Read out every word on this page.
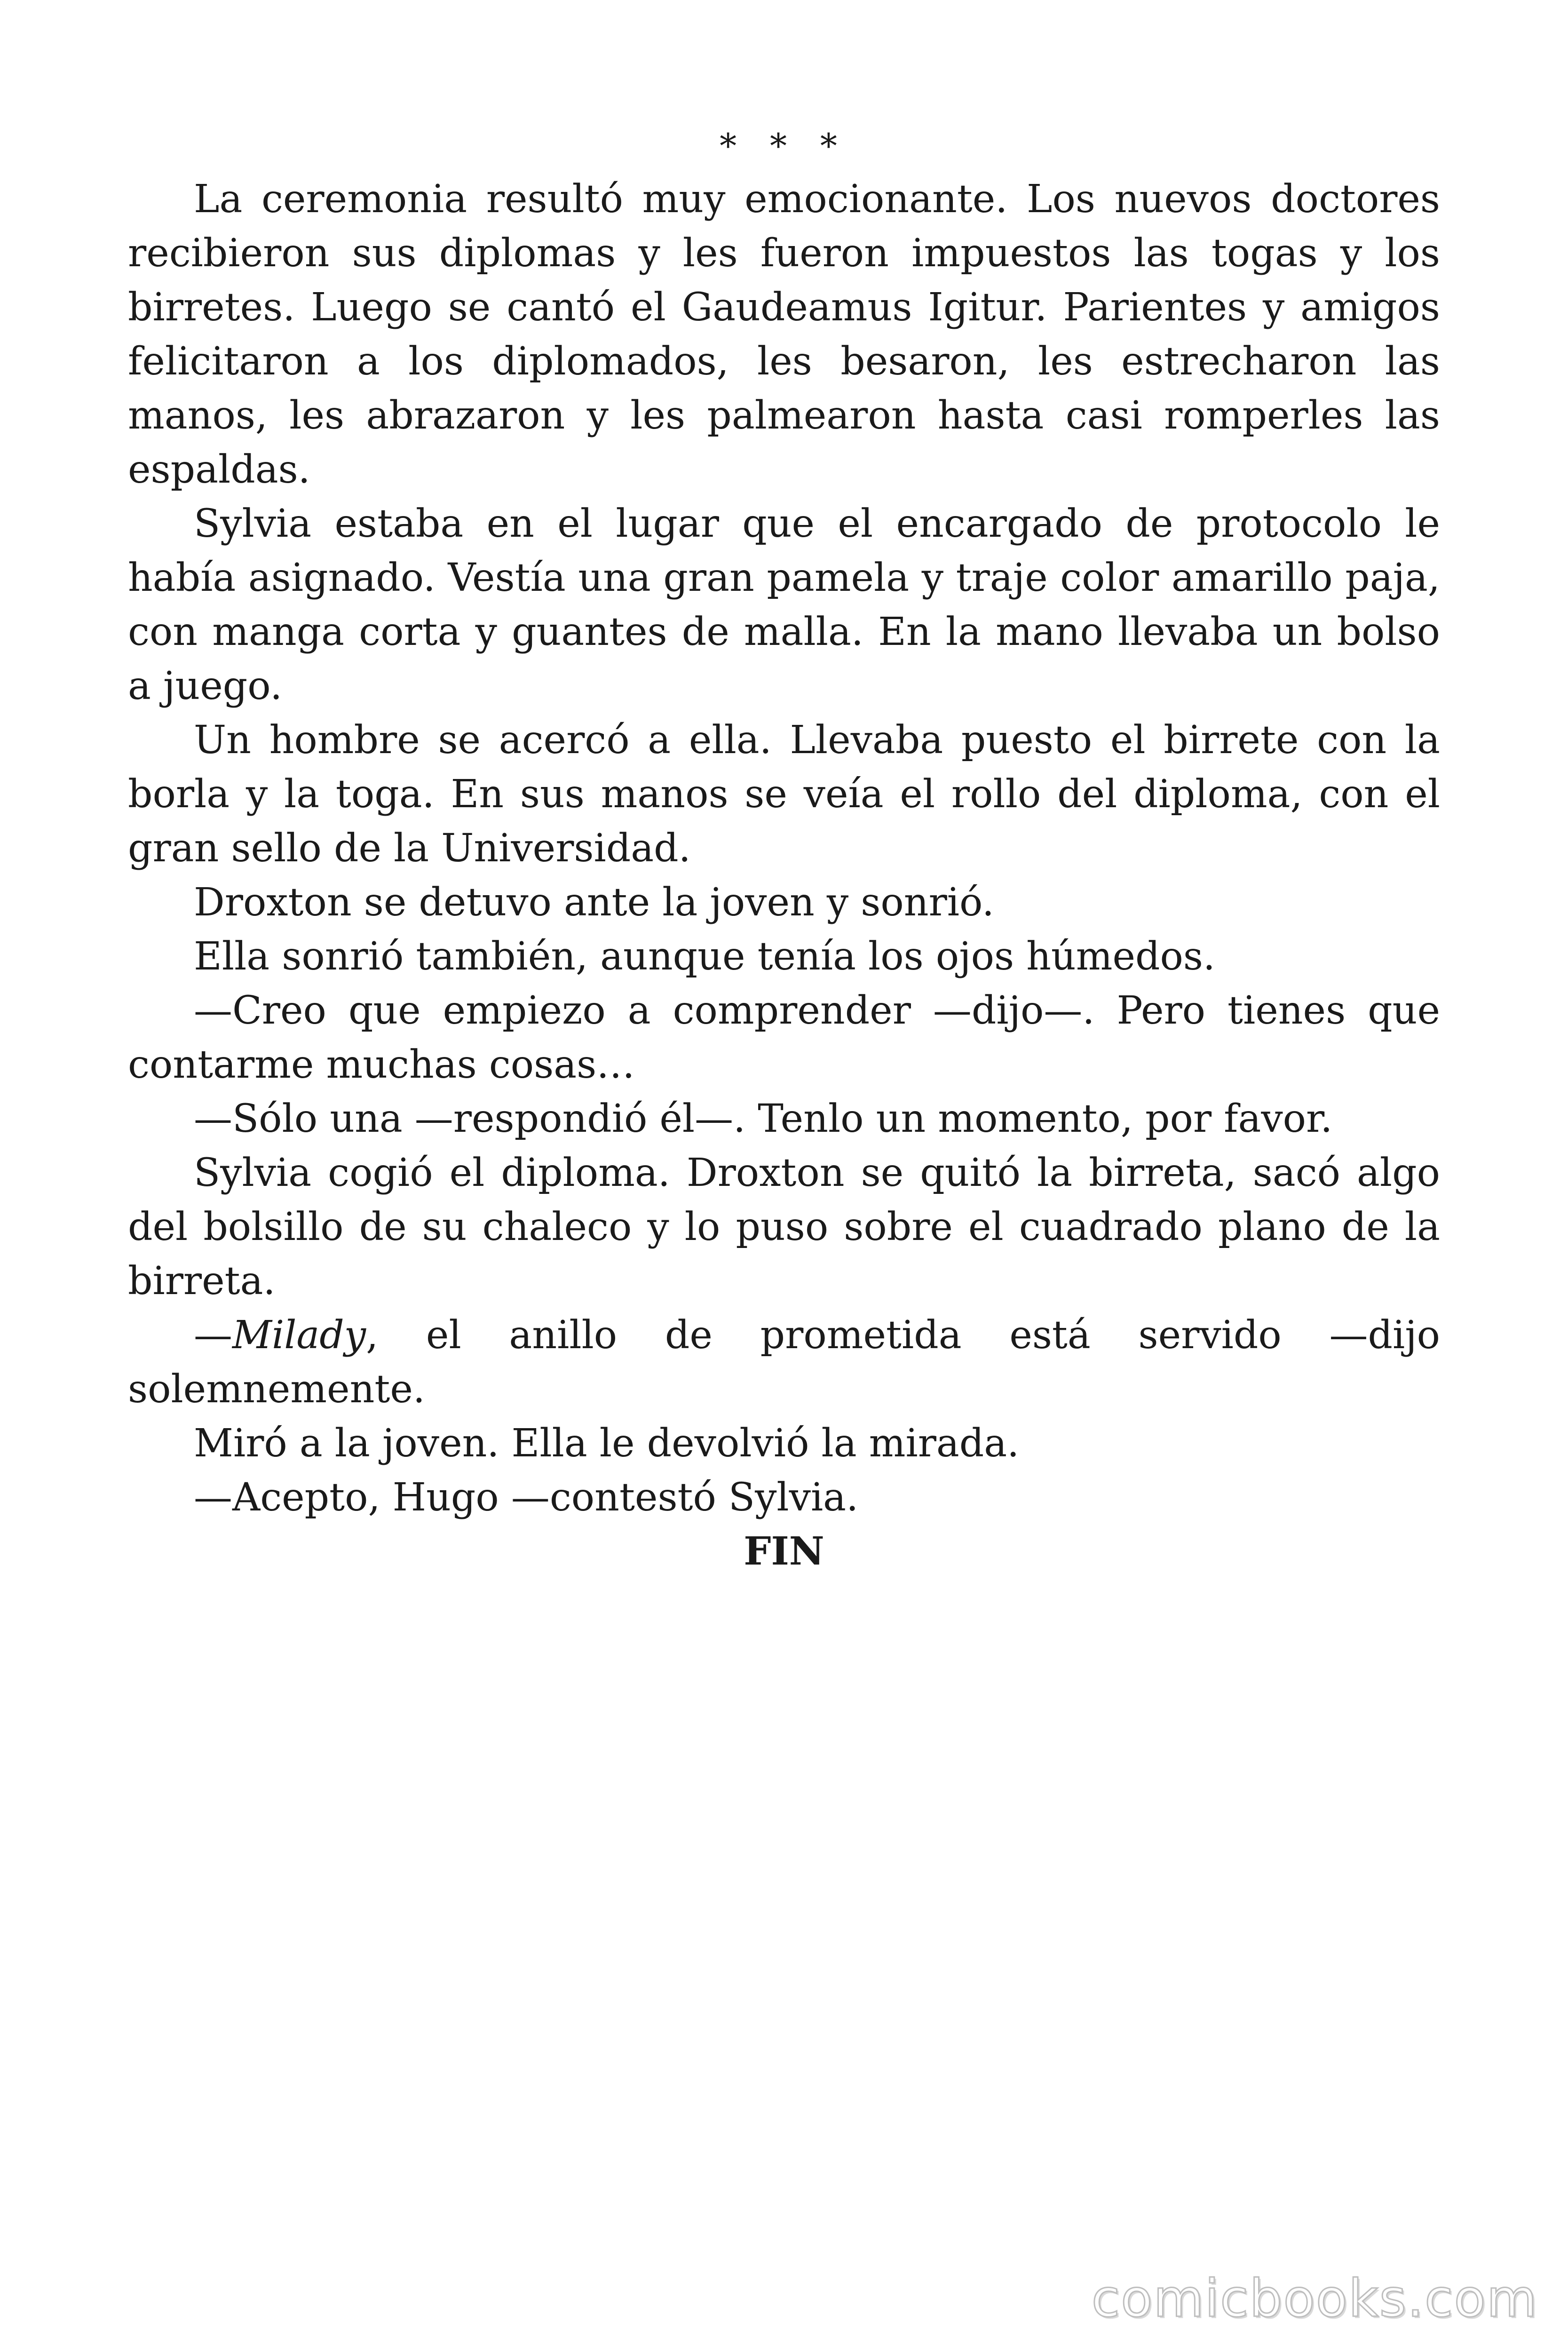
* * *

La ceremonia resultó muy emocionante. Los nuevos doctores recibieron sus diplomas y les fueron impuestos las togas y los birretes. Luego se cantó el Gaudeamus Igitur. Parientes y amigos felicitaron a los diplomados, les besaron, les estrecharon las manos, les abrazaron y les palmearon hasta casi romperles las espaldas.

Sylvia estaba en el lugar que el encargado de protocolo le había asignado. Vestía una gran pamela y traje color amarillo paja, con manga corta y guantes de malla. En la mano llevaba un bolso a juego.

Un hombre se acercó a ella. Llevaba puesto el birrete con la borla y la toga. En sus manos se veía el rollo del diploma, con el gran sello de la Universidad.

Droxton se detuvo ante la joven y sonrió.

Ella sonrió también, aunque tenía los ojos húmedos.

—Creo que empiezo a comprender —dijo—. Pero tienes que contarme muchas cosas…

—Sólo una —respondió él—. Tenlo un momento, por favor.

Sylvia cogió el diploma. Droxton se quitó la birreta, sacó algo del bolsillo de su chaleco y lo puso sobre el cuadrado plano de la birreta.

—Milady, el anillo de prometida está servido —dijo solemnemente.

Miró a la joven. Ella le devolvió la mirada.

—Acepto, Hugo —contestó Sylvia.

FIN

comicbooks.com
